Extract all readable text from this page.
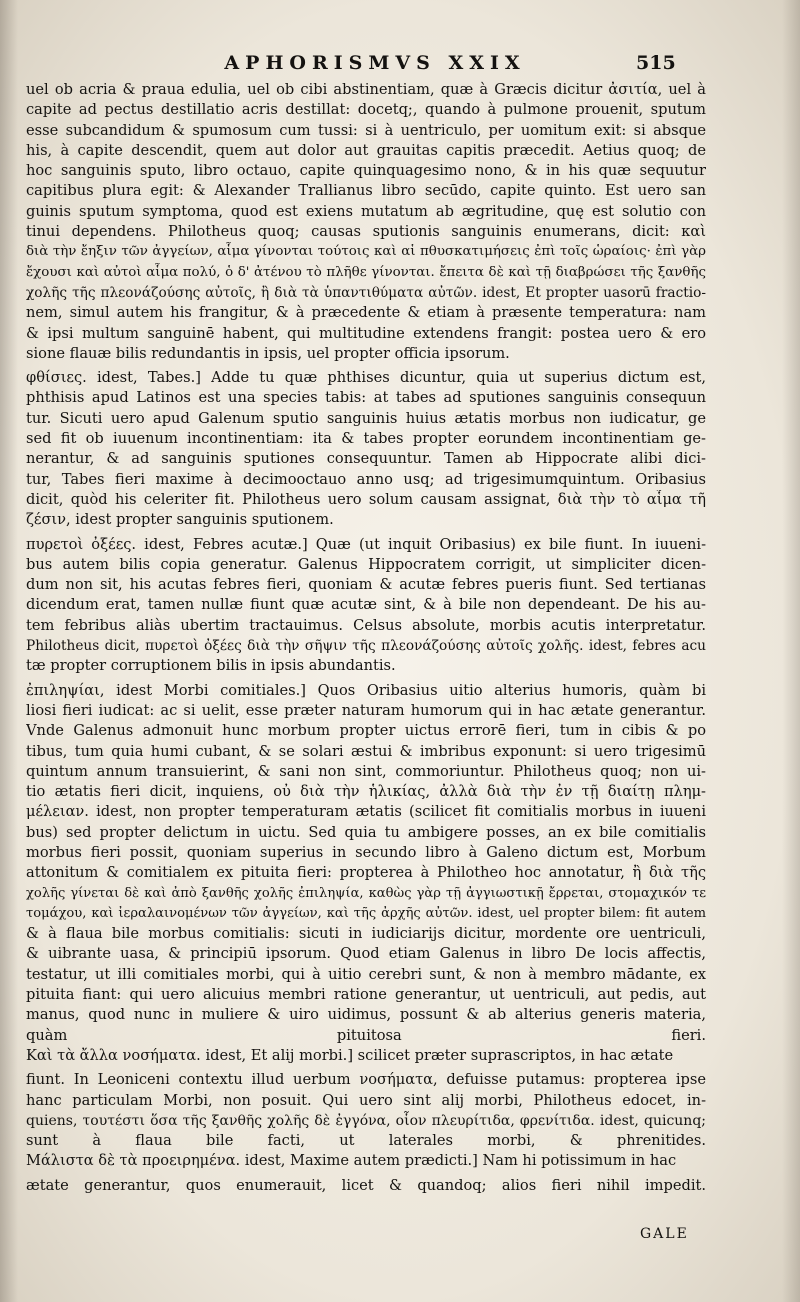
APHORISMVS XXIX	515
uel ob acria & praua edulia, uel ob cibi abstinentiam, quæ à Græcis dicitur ἀσιτία, uel à
capite ad pectus destillatio acris destillat: docetq;, quando à pulmone prouenit, sputum
esse subcandidum & spumosum cum tussi: si à uentriculo, per uomitum exit: si absque
his, à capite descendit, quem aut dolor aut grauitas capitis præcedit. Aetius quoq; de
hoc sanguinis sputo, libro octauo, capite quinquagesimo nono, & in his quæ sequutur
capitibus plura egit: & Alexander Trallianus libro secūdo, capite quinto. Est uero san
guinis sputum symptoma, quod est exiens mutatum ab ægritudine, quę est solutio con
tinui dependens. Philotheus quoq; causas sputionis sanguinis enumerans, dicit: καὶ
διὰ τὴν ἔηξιν τῶν ἀγγείων, αἷμα γίνονται τούτοις καὶ αἱ πθυσκατιμήσεις ἐπὶ τοῖς ὡραίοις· ἐπὶ γὰρ
ἔχουσι καὶ αὐτοὶ αἷμα πολύ, ὁ δ' ἀτένου τὸ πλῆθε γίνονται. ἔπειτα δὲ καὶ τῇ διαβρώσει τῆς ξανθῆς
χολῆς τῆς πλεονάζούσης αὐτοῖς, ἢ διὰ τὰ ὑπαντιθύματα αὐτῶν. idest, Et propter uasorū fractio-
nem, simul autem his frangitur, & à præcedente & etiam à præsente temperatura: nam
& ipsi multum sanguinē habent, qui multitudine extendens frangit: postea uero & ero
sione flauæ bilis redundantis in ipsis, uel propter officia ipsorum.
φθίσιες. idest, Tabes.] Adde tu quæ phthises dicuntur, quia ut superius dictum est,
phthisis apud Latinos est una species tabis: at tabes ad sputiones sanguinis consequun
tur. Sicuti uero apud Galenum sputio sanguinis huius ætatis morbus non iudicatur, ge
sed fit ob iuuenum incontinentiam: ita & tabes propter eorundem incontinentiam ge-
nerantur, & ad sanguinis sputiones consequuntur. Tamen ab Hippocrate alibi dici-
tur, Tabes fieri maxime à decimooctauo anno usq; ad trigesimumquintum. Oribasius
dicit, quòd his celeriter fit. Philotheus uero solum causam assignat, διὰ τὴν τὸ αἷμα τῆ
ζέσιν, idest propter sanguinis sputionem.
πυρετοὶ ὀξέες. idest, Febres acutæ.] Quæ (ut inquit Oribasius) ex bile fiunt. In iuueni-
bus autem bilis copia generatur. Galenus Hippocratem corrigit, ut simpliciter dicen-
dum non sit, his acutas febres fieri, quoniam & acutæ febres pueris fiunt. Sed tertianas
dicendum erat, tamen nullæ fiunt quæ acutæ sint, & à bile non dependeant. De his au-
tem febribus aliàs ubertim tractauimus. Celsus absolute, morbis acutis interpretatur.
Philotheus dicit, πυρετοὶ ὀξέες διὰ τὴν σῆψιν τῆς πλεονάζούσης αὐτοῖς χολῆς. idest, febres acu
tæ propter corruptionem bilis in ipsis abundantis.
ἐπιληψίαι, idest Morbi comitiales.] Quos Oribasius uitio alterius humoris, quàm bi
liosi fieri iudicat: ac si uelit, esse præter naturam humorum qui in hac ætate generantur.
Vnde Galenus admonuit hunc morbum propter uictus errorē fieri, tum in cibis & po
tibus, tum quia humi cubant, & se solari æstui & imbribus exponunt: si uero trigesimū
quintum annum transuierint, & sani non sint, commoriuntur. Philotheus quoq; non ui-
tio ætatis fieri dicit, inquiens, οὐ διὰ τὴν ἡλικίας, ἀλλὰ διὰ τὴν ἐν τῇ διαίτῃ πλημ-
μέλειαν. idest, non propter temperaturam ætatis (scilicet fit comitialis morbus in iuueni
bus) sed propter delictum in uictu. Sed quia tu ambigere posses, an ex bile comitialis
morbus fieri possit, quoniam superius in secundo libro à Galeno dictum est, Morbum
attonitum & comitialem ex pituita fieri: propterea à Philotheo hoc annotatur, ἢ διὰ τῆς
χολῆς γίνεται δὲ καὶ ἀπὸ ξανθῆς χολῆς ἐπιληψία, καθὼς γὰρ τῇ ἀγγιωστικῇ ἔρρεται, στομαχικόν τε
τομάχου, καὶ ἰεραλαινομένων τῶν ἀγγείων, καὶ τῆς ἀρχῆς αὐτῶν. idest, uel propter bilem: fit autem
& à flaua bile morbus comitialis: sicuti in iudiciarijs dicitur, mordente ore uentriculi,
& uibrante uasa, & principiū ipsorum. Quod etiam Galenus in libro De locis affectis,
testatur, ut illi comitiales morbi, qui à uitio cerebri sunt, & non à membro mādante, ex
pituita fiant: qui uero alicuius membri ratione generantur, ut uentriculi, aut pedis, aut
manus, quod nunc in muliere & uiro uidimus, possunt & ab alterius generis materia,
quàm pituitosa fieri.
Καὶ τὰ ἄλλα νοσήματα. idest, Et alij morbi.] scilicet præter suprascriptos, in hac ætate
fiunt. In Leoniceni contextu illud uerbum νοσήματα, defuisse putamus: propterea ipse
hanc particulam Morbi, non posuit. Qui uero sint alij morbi, Philotheus edocet, in-
quiens, τουτέστι ὅσα τῆς ξανθῆς χολῆς δὲ ἐγγόνα, οἷον πλευρίτιδα, φρενίτιδα. idest, quicunq;
sunt à flaua bile facti, ut laterales morbi, & phrenitides.
Μάλιστα δὲ τὰ προειρημένα. idest, Maxime autem prædicti.] Nam hi potissimum in hac
ætate generantur, quos enumerauit, licet & quandoq; alios fieri nihil impedit.
GALE
